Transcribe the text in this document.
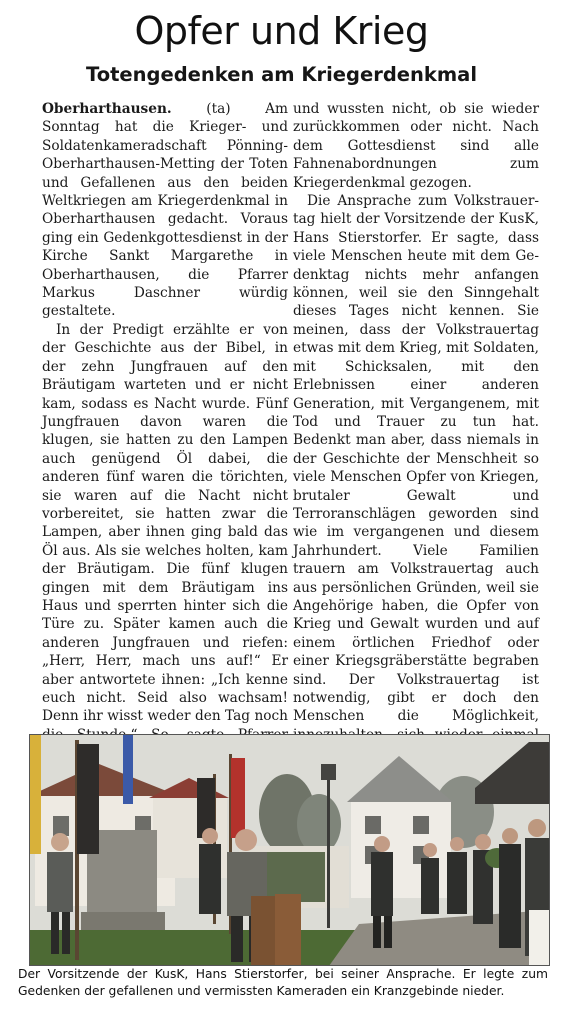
Opfer und Krieg
Totengedenken am Kriegerdenkmal

Oberharthausen.	(ta) Am Sonntag hat die Krieger- und Soldatenkameradschaft Pönning-Oberharthausen-Metting der Toten und Gefallenen aus den beiden Weltkriegen am Kriegerdenkmal in Oberharthausen gedacht. Voraus ging ein Gedenkgottesdienst in der Kirche Sankt Margarethe in Oberharthausen, die Pfarrer Markus Daschner würdig gestaltete.

In der Predigt erzählte er von der Geschichte aus der Bibel, in der zehn Jungfrauen auf den Bräutigam warteten und er nicht kam, sodass es Nacht wurde. Fünf Jungfrauen davon waren die klugen, sie hatten zu den Lampen auch genügend Öl dabei, die anderen fünf waren die törichten, sie waren auf die Nacht nicht vorbereitet, sie hatten zwar die Lampen, aber ihnen ging bald das Öl aus. Als sie welches holten, kam der Bräutigam. Die fünf klugen gingen mit dem Bräutigam ins Haus und sperrten hinter sich die Türe zu. Später kamen auch die anderen Jungfrauen und riefen: „Herr, Herr, mach uns auf!“ Er aber antwortete ihnen: „Ich kenne euch nicht. Seid also wachsam! Denn ihr wisst weder den Tag noch

und wussten nicht, ob sie wieder zurückkommen oder nicht. Nach dem Gottesdienst sind alle Fahnenabordnungen zum Kriegerdenkmal gezogen.

Die Ansprache zum Volkstrauertag hielt der Vorsitzende der KusK, Hans Stierstorfer. Er sagte, dass viele Menschen heute mit dem Gedenktag nichts mehr anfangen können, weil sie den Sinngehalt dieses Tages nicht kennen. Sie meinen, dass der Volkstrauertag etwas mit dem Krieg, mit Soldaten, mit Schicksalen, mit den Erlebnissen einer anderen Generation, mit Vergangenem, mit Tod und Trauer zu tun hat. Bedenkt man aber, dass niemals in der Geschichte der Menschheit so viele Menschen Opfer von Kriegen, brutaler Gewalt und Terroranschlägen geworden sind wie im vergangenen und diesem Jahrhundert. Viele Familien trauern am Volkstrauertag auch aus persönlichen Gründen, weil sie Angehörige haben, die Opfer von Krieg und Gewalt wurden und auf einem örtlichen Friedhof oder einer Kriegsgräberstätte begraben sind. Der Volkstrauertag ist notwendig, gibt er doch den Menschen die Möglichkeit,

Der Vorsitzende der KusK, Hans Stierstorfer, bei seiner Ansprache. Er legte zum Gedenken der gefallenen und vermissten Kameraden ein Kranzgebinde nieder.
